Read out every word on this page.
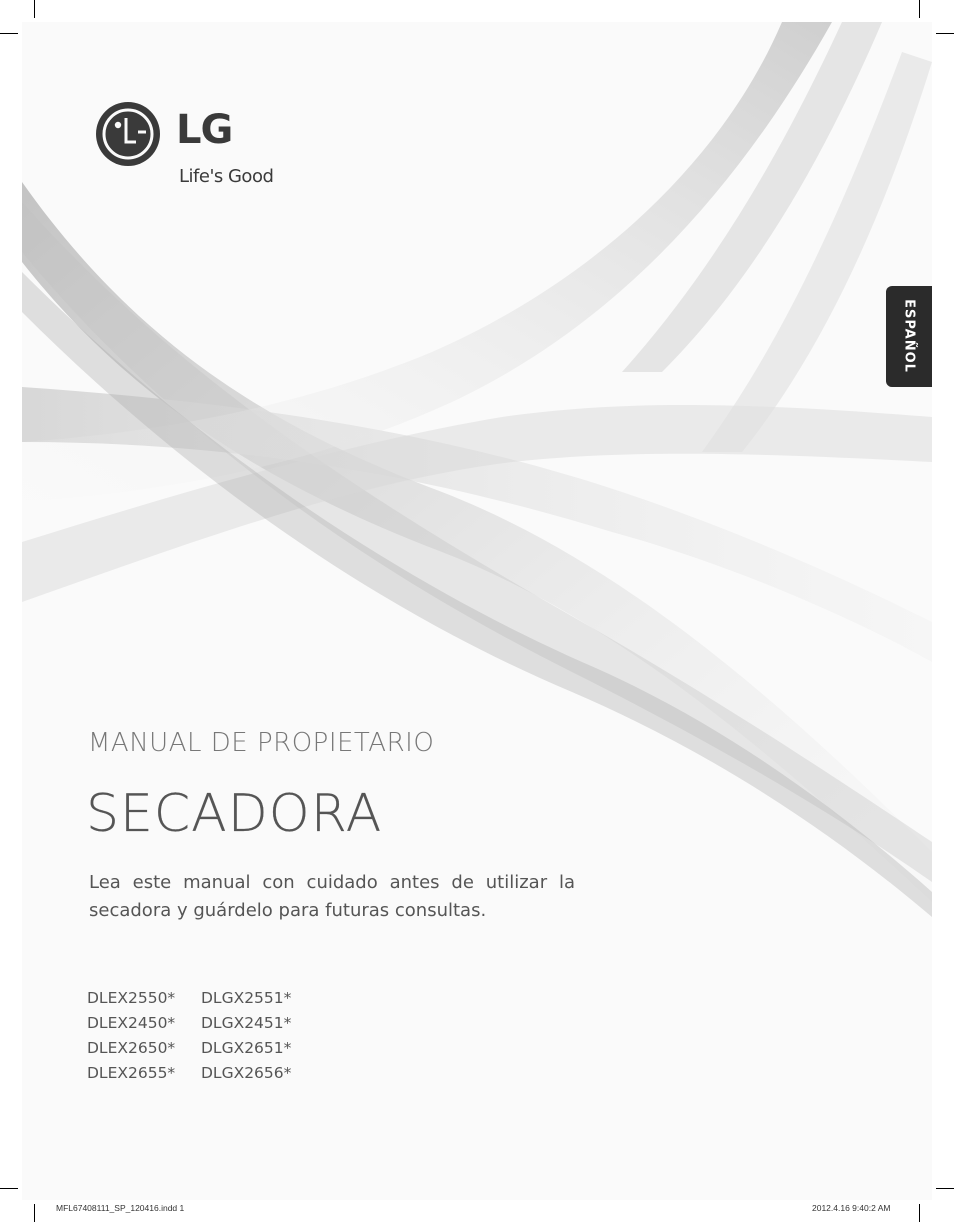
LG
Life's Good
ESPAÑOL
MANUAL DE PROPIETARIO
SECADORA
Lea este manual con cuidado antes de utilizar la
secadora y guárdelo para futuras consultas.
DLEX2550* DLGX2551*
DLEX2450* DLGX2451*
DLEX2650* DLGX2651*
DLEX2655* DLGX2656*
MFL67408111_SP_120416.indd 1	2012.4.16 9:40:2 AM
